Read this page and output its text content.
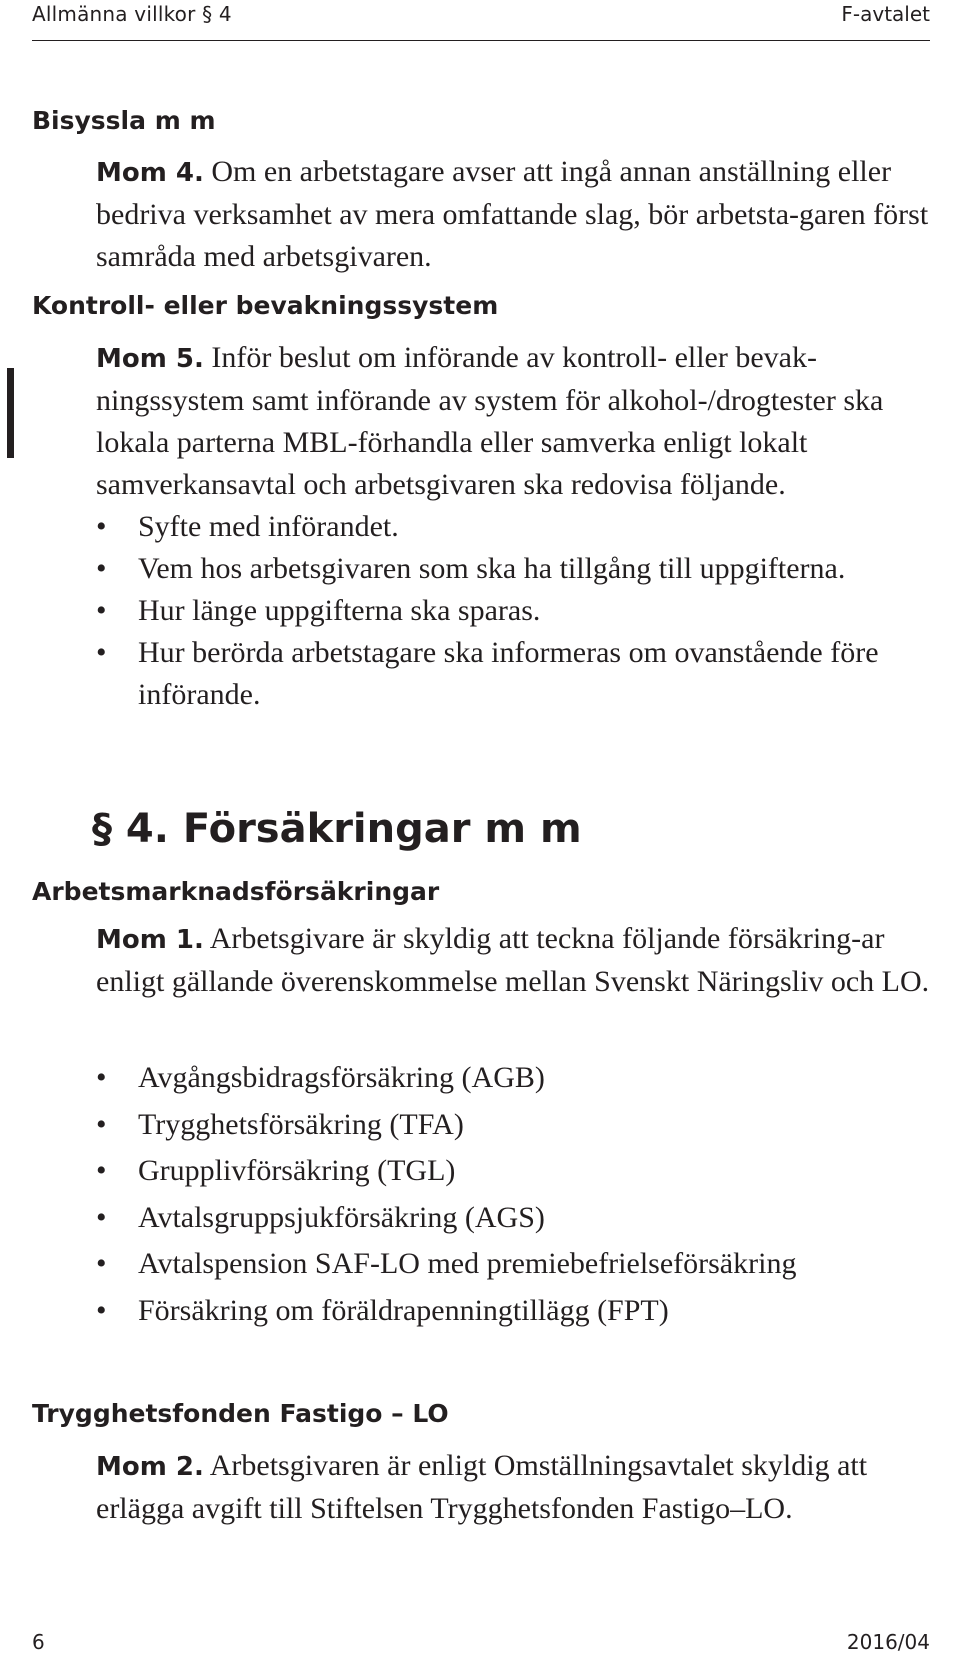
Allmänna villkor § 4	F-avtalet
Bisyssla m m

Mom 4. Om en arbetstagare avser att ingå annan anställning eller bedriva verksamhet av mera omfattande slag, bör arbetsta-garen först samråda med arbetsgivaren.

Kontroll- eller bevakningssystem

Mom 5. Inför beslut om införande av kontroll- eller bevak-ningssystem samt införande av system för alkohol-/drogtester ska lokala parterna MBL-förhandla eller samverka enligt lokalt samverkansavtal och arbetsgivaren ska redovisa följande.

• Syfte med införandet.
• Vem hos arbetsgivaren som ska ha tillgång till uppgifterna.
• Hur länge uppgifterna ska sparas.
• Hur berörda arbetstagare ska informeras om ovanstående före införande.
§ 4. Försäkringar m m
Arbetsmarknadsförsäkringar

Mom 1. Arbetsgivare är skyldig att teckna följande försäkring-ar enligt gällande överenskommelse mellan Svenskt Näringsliv och LO.

• Avgångsbidragsförsäkring (AGB)
• Trygghetsförsäkring (TFA)
• Grupplivförsäkring (TGL)
• Avtalsgruppsjukförsäkring (AGS)
• Avtalspension SAF-LO med premiebefrielseförsäkring
• Försäkring om föräldrapenningtillägg (FPT)
Trygghetsfonden Fastigo – LO

Mom 2. Arbetsgivaren är enligt Omställningsavtalet skyldig att erlägga avgift till Stiftelsen Trygghetsfonden Fastigo–LO.

6	2016/04
